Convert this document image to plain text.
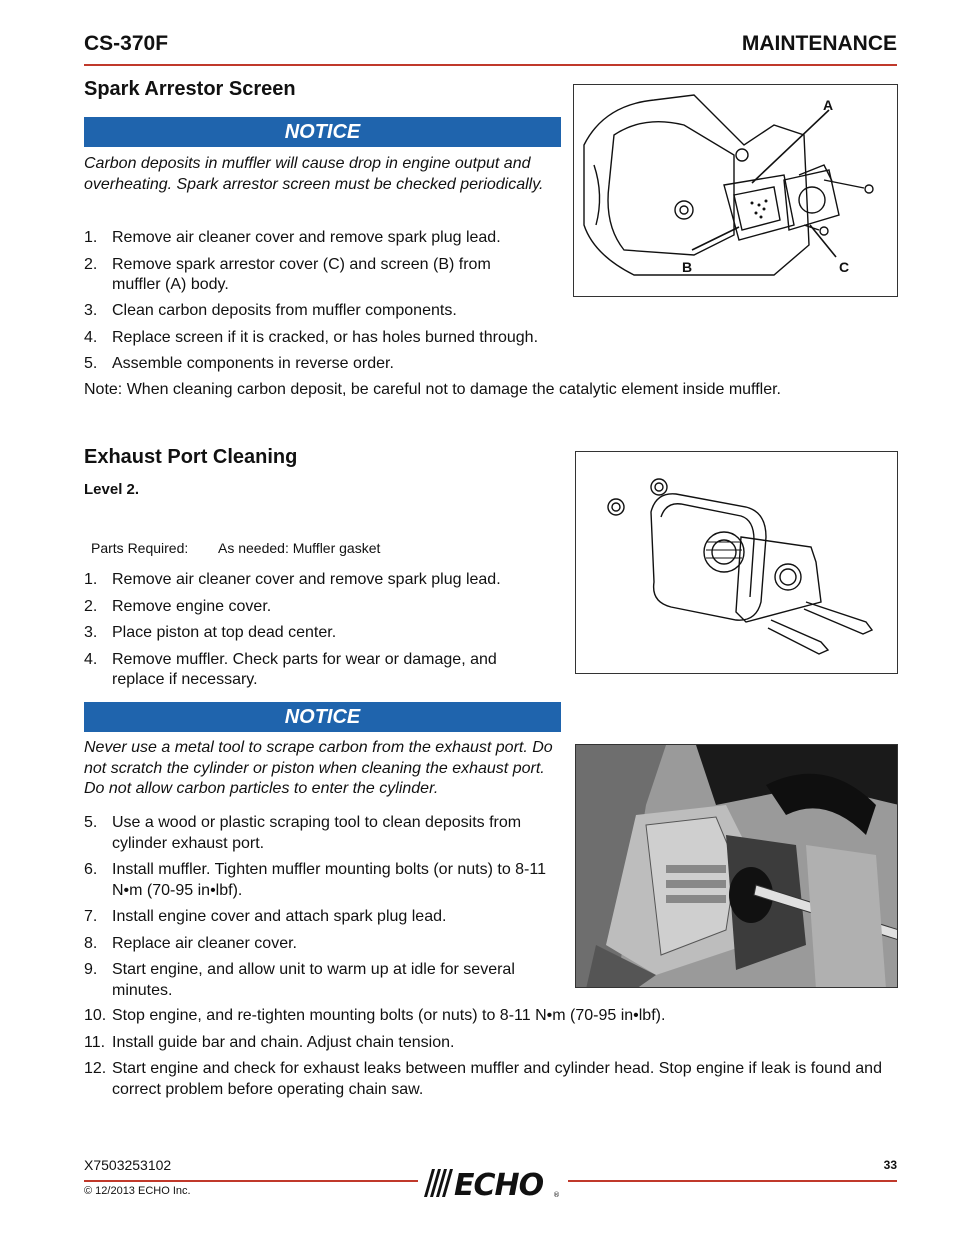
CS-370F	MAINTENANCE
Spark Arrestor Screen
NOTICE
Carbon deposits in muffler will cause drop in engine output and overheating. Spark arrestor screen must be checked periodically.
1. Remove air cleaner cover and remove spark plug lead.
2. Remove spark arrestor cover (C) and screen (B) from muffler (A) body.
3. Clean carbon deposits from muffler components.
4. Replace screen if it is cracked, or has holes burned through.
5. Assemble components in reverse order.
Note: When cleaning carbon deposit, be careful not to damage the catalytic element inside muffler.
A
B	C
Exhaust Port Cleaning
Level 2.
Parts Required: As needed: Muffler gasket
1. Remove air cleaner cover and remove spark plug lead.
2. Remove engine cover.
3. Place piston at top dead center.
4. Remove muffler. Check parts for wear or damage, and replace if necessary.
NOTICE
Never use a metal tool to scrape carbon from the exhaust port. Do not scratch the cylinder or piston when cleaning the exhaust port. Do not allow carbon particles to enter the cylinder.
5. Use a wood or plastic scraping tool to clean deposits from cylinder exhaust port.
6. Install muffler. Tighten muffler mounting bolts (or nuts) to 8-11 N•m (70-95 in•lbf).
7. Install engine cover and attach spark plug lead.
8. Replace air cleaner cover.
9. Start engine, and allow unit to warm up at idle for several minutes.
10. Stop engine, and re-tighten mounting bolts (or nuts) to 8-11 N•m (70-95 in•lbf).
11. Install guide bar and chain. Adjust chain tension.
12. Start engine and check for exhaust leaks between muffler and cylinder head. Stop engine if leak is found and correct problem before operating chain saw.
X7503253102
© 12/2013 ECHO Inc.
33
ECHO ®
